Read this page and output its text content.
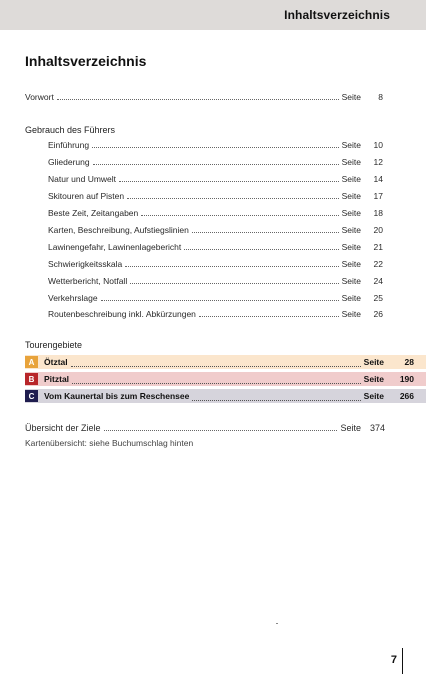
Inhaltsverzeichnis
Inhaltsverzeichnis
Vorwort	Seite	8
Gebrauch des Führers
Einführung	Seite	10
Gliederung	Seite	12
Natur und Umwelt	Seite	14
Skitouren auf Pisten	Seite	17
Beste Zeit, Zeitangaben	Seite	18
Karten, Beschreibung, Aufstiegslinien	Seite	20
Lawinengefahr, Lawinenlagebericht	Seite	21
Schwierigkeitsskala	Seite	22
Wetterbericht, Notfall	Seite	24
Verkehrslage	Seite	25
Routenbeschreibung inkl. Abkürzungen	Seite	26
Tourengebiete
A	Ötztal	Seite	28
B	Pitztal	Seite	190
C	Vom Kaunertal bis zum Reschensee	Seite	266
Übersicht der Ziele	Seite 374
Kartenübersicht: siehe Buchumschlag hinten
7
